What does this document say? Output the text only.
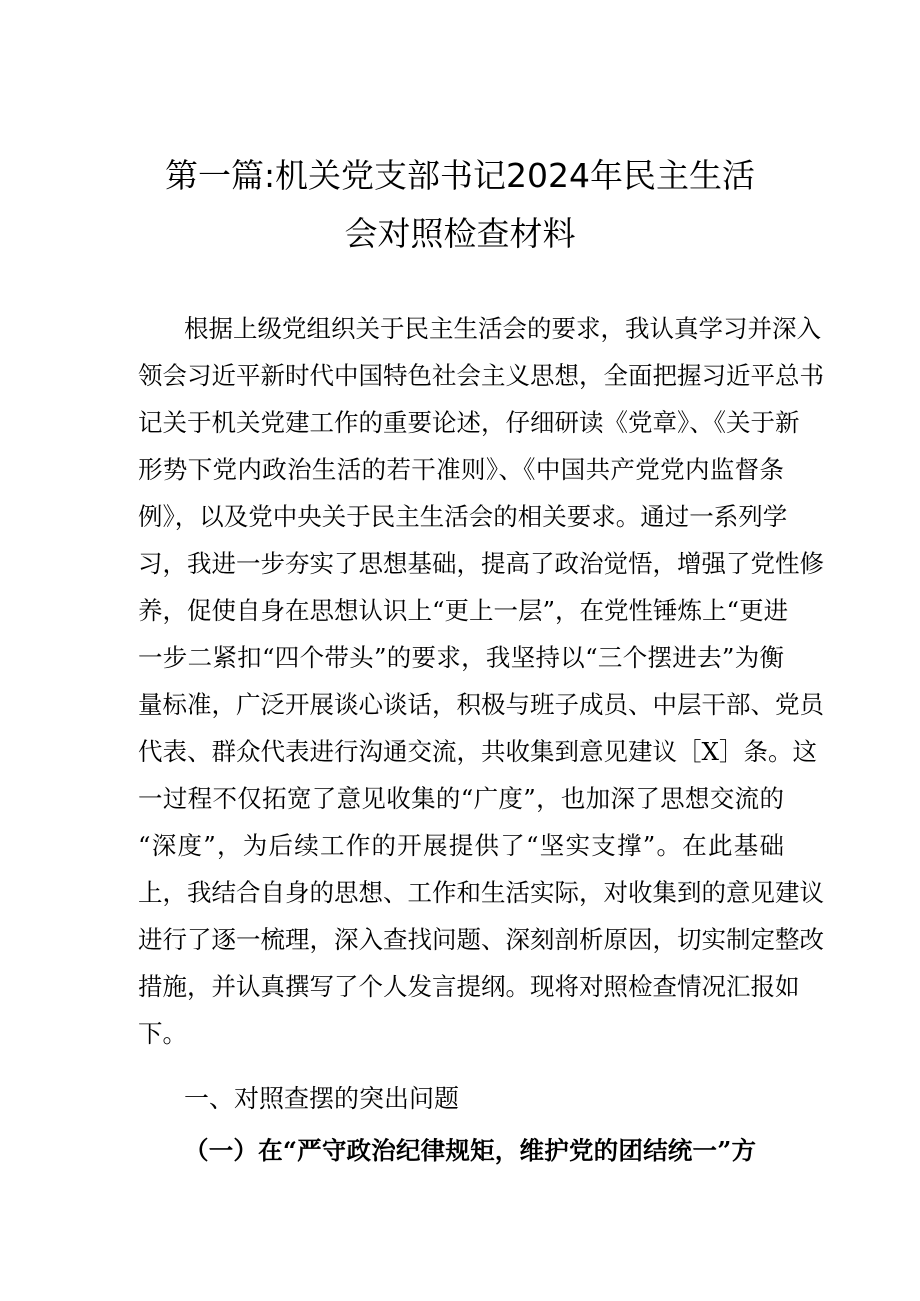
第一篇:机关党支部书记2024年民主生活
会对照检查材料
根据上级党组织关于民主生活会的要求，我认真学习并深入
领会习近平新时代中国特色社会主义思想，全面把握习近平总书
记关于机关党建工作的重要论述，仔细研读《党章》、《关于新
形势下党内政治生活的若干准则》、《中国共产党党内监督条
例》，以及党中央关于民主生活会的相关要求。通过一系列学
习，我进一步夯实了思想基础，提高了政治觉悟，增强了党性修
养，促使自身在思想认识上“更上一层”，在党性锤炼上“更进
一步二紧扣“四个带头”的要求，我坚持以“三个摆进去”为衡
量标准，广泛开展谈心谈话，积极与班子成员、中层干部、党员
代表、群众代表进行沟通交流，共收集到意见建议［X］条。这
一过程不仅拓宽了意见收集的“广度”，也加深了思想交流的
“深度”，为后续工作的开展提供了“坚实支撑”。在此基础
上，我结合自身的思想、工作和生活实际，对收集到的意见建议
进行了逐一梳理，深入查找问题、深刻剖析原因，切实制定整改
措施，并认真撰写了个人发言提纲。现将对照检查情况汇报如
下。
一、对照查摆的突出问题
（一）在“严守政治纪律规矩，维护党的团结统一”方
